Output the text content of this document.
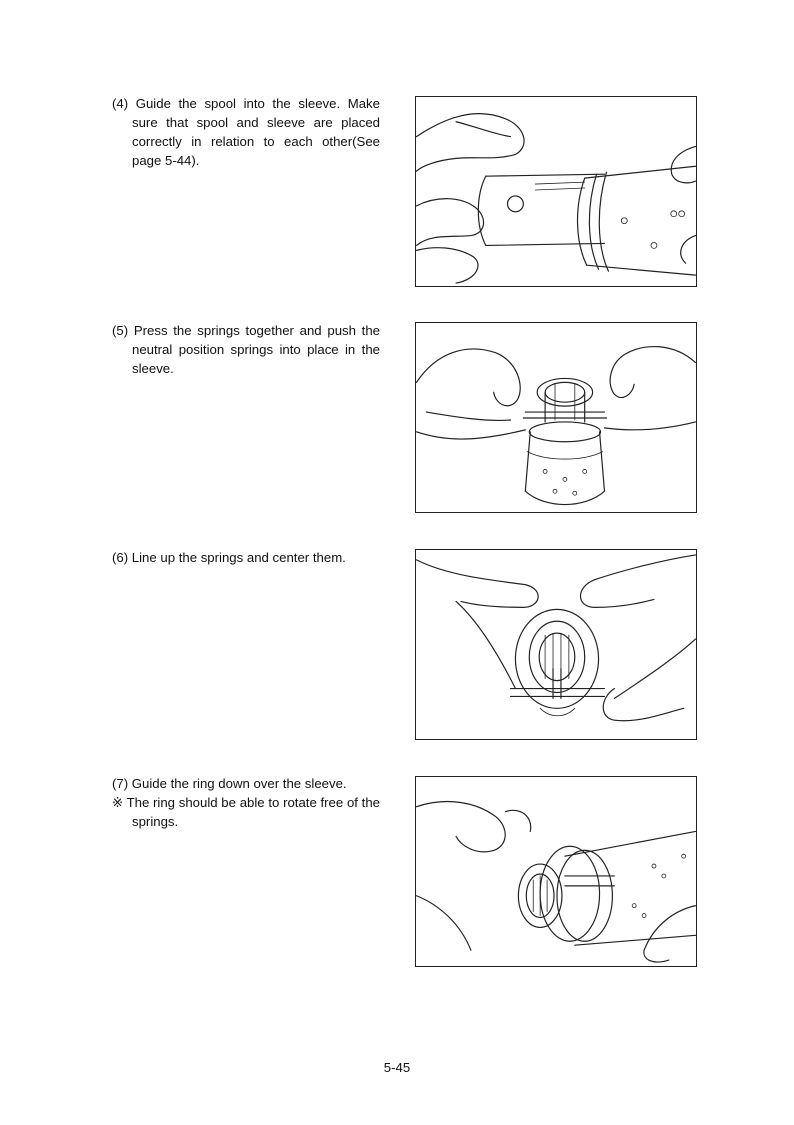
(4) Guide the spool into the sleeve. Make sure that spool and sleeve are placed correctly in relation to each other(See page 5-44).

(5) Press the springs together and push the neutral position springs into place in the sleeve.

(6) Line up the springs and center them.

(7) Guide the ring down over the sleeve.

※ The ring should be able to rotate free of the springs.

5-45
